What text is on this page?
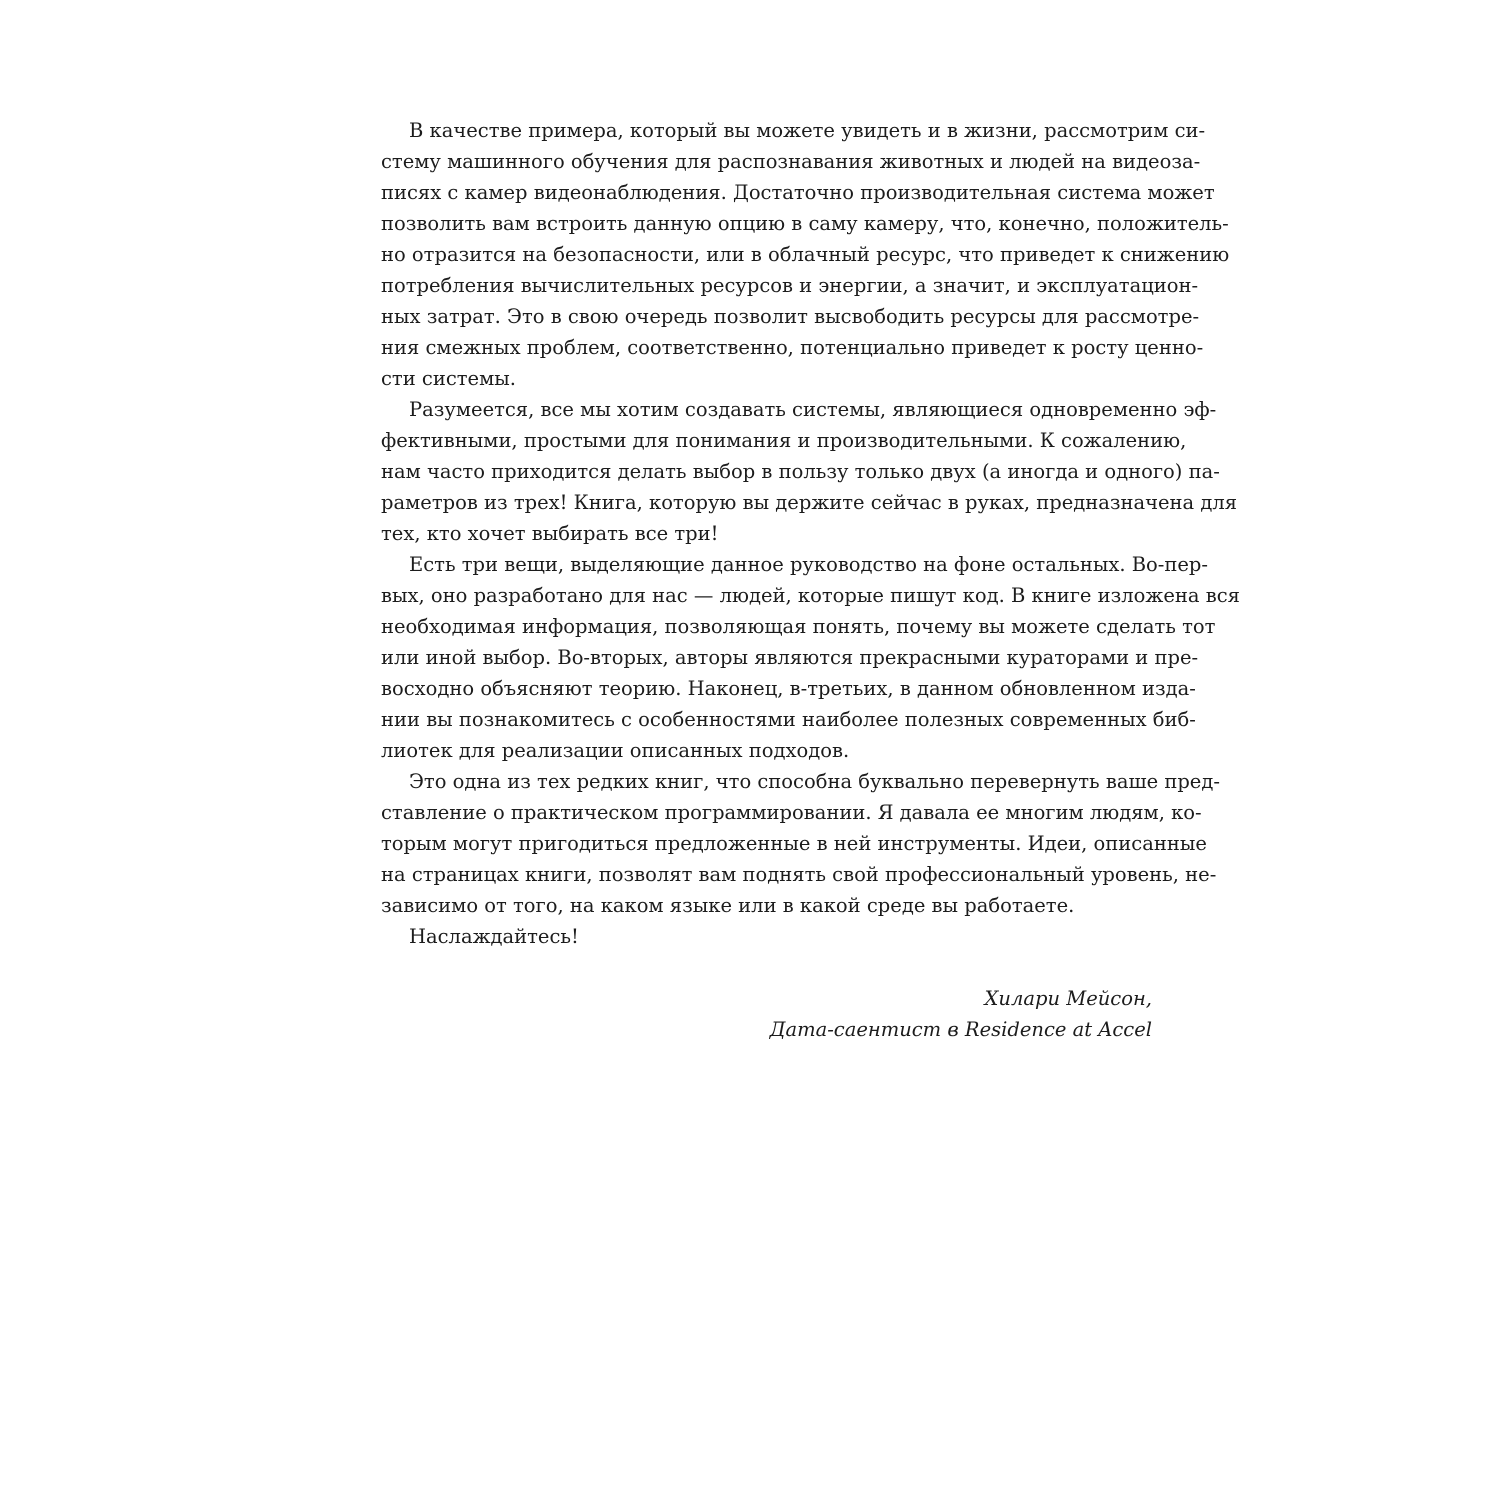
В качестве примера, который вы можете увидеть и в жизни, рассмотрим си-
стему машинного обучения для распознавания животных и людей на видеоза-
писях с камер видеонаблюдения. Достаточно производительная система может
позволить вам встроить данную опцию в саму камеру, что, конечно, положитель-
но отразится на безопасности, или в облачный ресурс, что приведет к снижению
потребления вычислительных ресурсов и энергии, а значит, и эксплуатацион-
ных затрат. Это в свою очередь позволит высвободить ресурсы для рассмотре-
ния смежных проблем, соответственно, потенциально приведет к росту ценно-
сти системы.
Разумеется, все мы хотим создавать системы, являющиеся одновременно эф-
фективными, простыми для понимания и производительными. К сожалению,
нам часто приходится делать выбор в пользу только двух (а иногда и одного) па-
раметров из трех! Книга, которую вы держите сейчас в руках, предназначена для
тех, кто хочет выбирать все три!
Есть три вещи, выделяющие данное руководство на фоне остальных. Во-пер-
вых, оно разработано для нас — людей, которые пишут код. В книге изложена вся
необходимая информация, позволяющая понять, почему вы можете сделать тот
или иной выбор. Во-вторых, авторы являются прекрасными кураторами и пре-
восходно объясняют теорию. Наконец, в-третьих, в данном обновленном изда-
нии вы познакомитесь с особенностями наиболее полезных современных биб-
лиотек для реализации описанных подходов.
Это одна из тех редких книг, что способна буквально перевернуть ваше пред-
ставление о практическом программировании. Я давала ее многим людям, ко-
торым могут пригодиться предложенные в ней инструменты. Идеи, описанные
на страницах книги, позволят вам поднять свой профессиональный уровень, не-
зависимо от того, на каком языке или в какой среде вы работаете.
Наслаждайтесь!
Хилари Мейсон,
Дата-саентист в Residence at Accel
